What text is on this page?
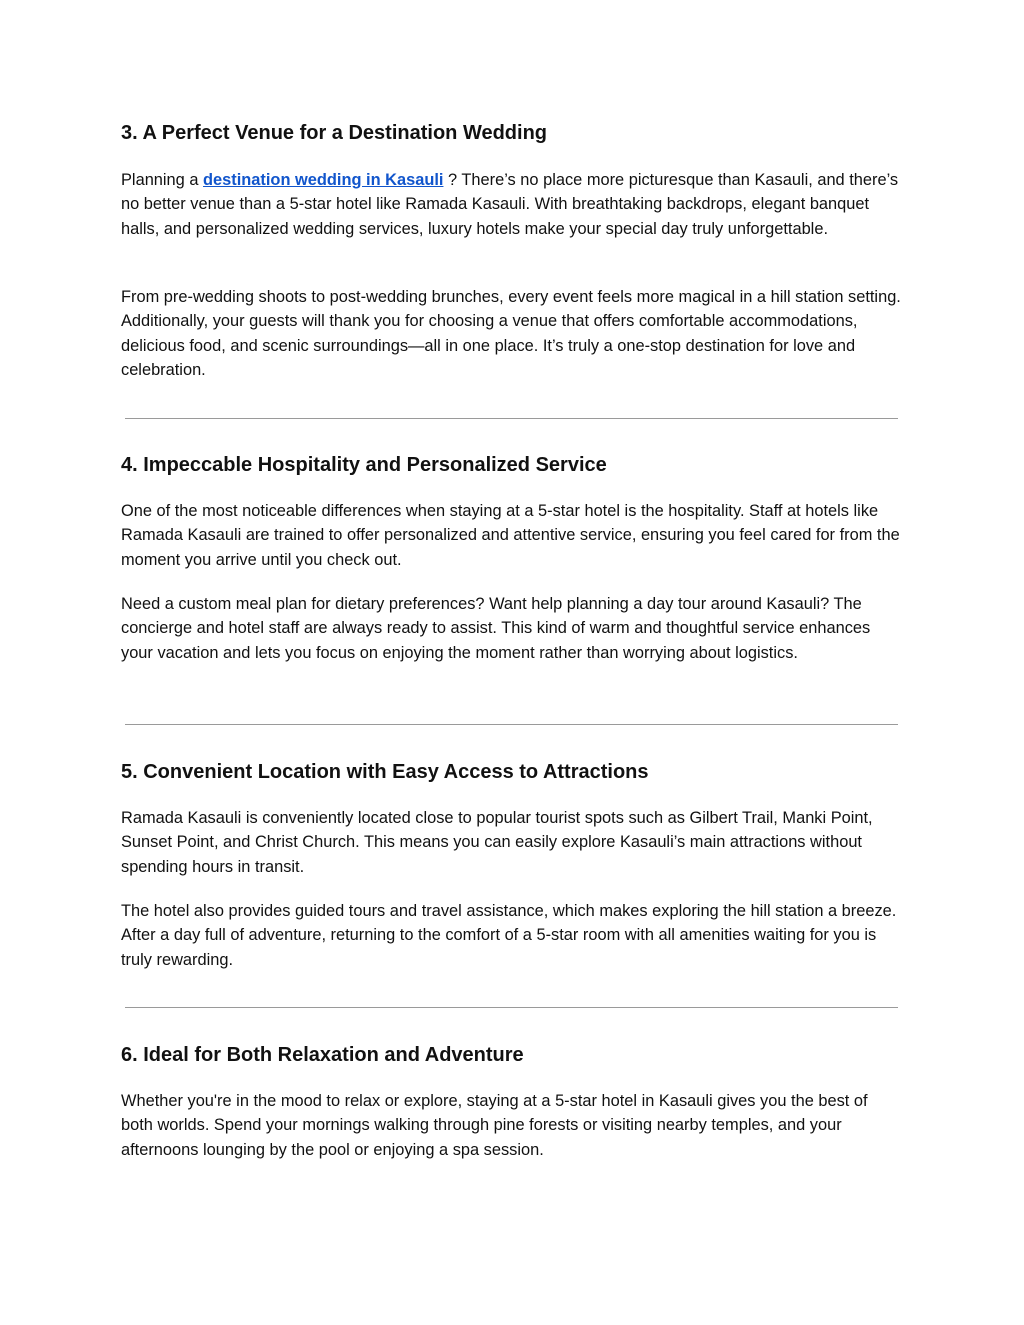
3. A Perfect Venue for a Destination Wedding

Planning a destination wedding in Kasauli ? There’s no place more picturesque than Kasauli, and there’s no better venue than a 5-star hotel like Ramada Kasauli. With breathtaking backdrops, elegant banquet halls, and personalized wedding services, luxury hotels make your special day truly unforgettable.

From pre-wedding shoots to post-wedding brunches, every event feels more magical in a hill station setting. Additionally, your guests will thank you for choosing a venue that offers comfortable accommodations, delicious food, and scenic surroundings—all in one place. It’s truly a one-stop destination for love and celebration.

4. Impeccable Hospitality and Personalized Service

One of the most noticeable differences when staying at a 5-star hotel is the hospitality. Staff at hotels like Ramada Kasauli are trained to offer personalized and attentive service, ensuring you feel cared for from the moment you arrive until you check out.

Need a custom meal plan for dietary preferences? Want help planning a day tour around Kasauli? The concierge and hotel staff are always ready to assist. This kind of warm and thoughtful service enhances your vacation and lets you focus on enjoying the moment rather than worrying about logistics.

5. Convenient Location with Easy Access to Attractions

Ramada Kasauli is conveniently located close to popular tourist spots such as Gilbert Trail, Manki Point, Sunset Point, and Christ Church. This means you can easily explore Kasauli’s main attractions without spending hours in transit.

The hotel also provides guided tours and travel assistance, which makes exploring the hill station a breeze. After a day full of adventure, returning to the comfort of a 5-star room with all amenities waiting for you is truly rewarding.

6. Ideal for Both Relaxation and Adventure

Whether you're in the mood to relax or explore, staying at a 5-star hotel in Kasauli gives you the best of both worlds. Spend your mornings walking through pine forests or visiting nearby temples, and your afternoons lounging by the pool or enjoying a spa session.
